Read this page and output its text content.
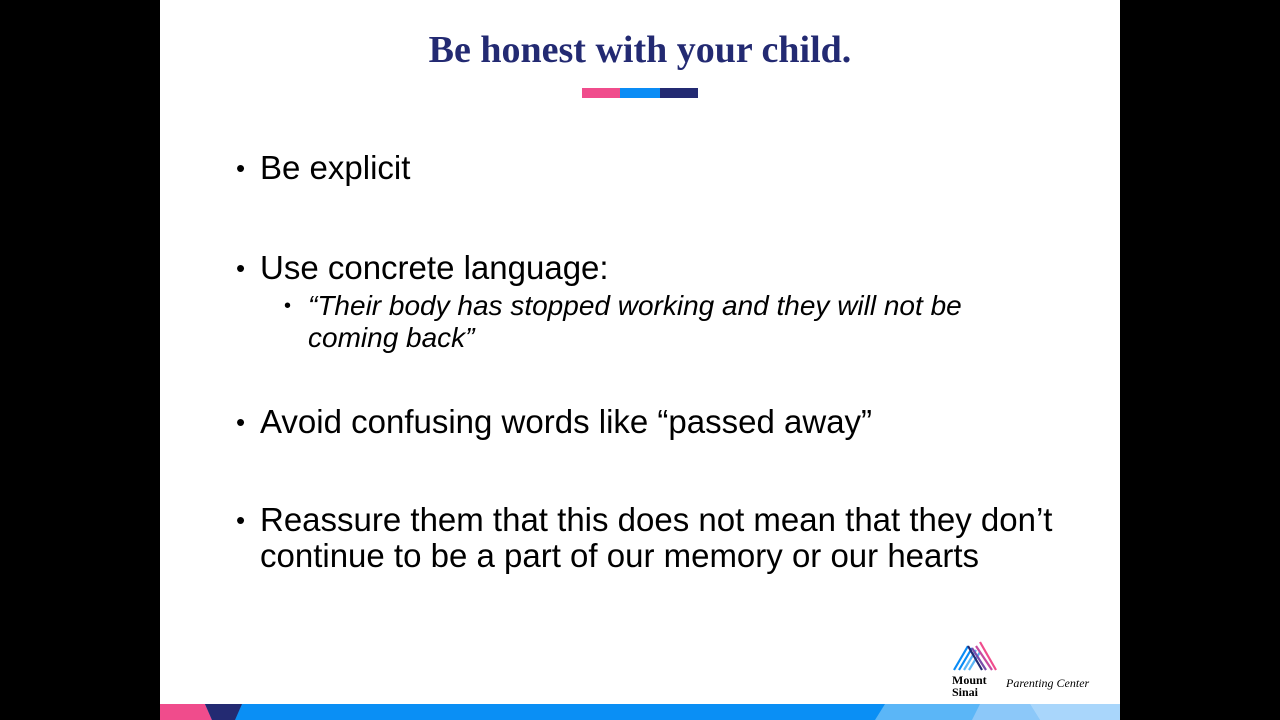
Be honest with your child.
• Be explicit
• Use concrete language:
• “Their body has stopped working and they will not be coming back”
• Avoid confusing words like “passed away”
• Reassure them that this does not mean that they don’t continue to be a part of our memory or our hearts
Mount
Sinai
Parenting Center
